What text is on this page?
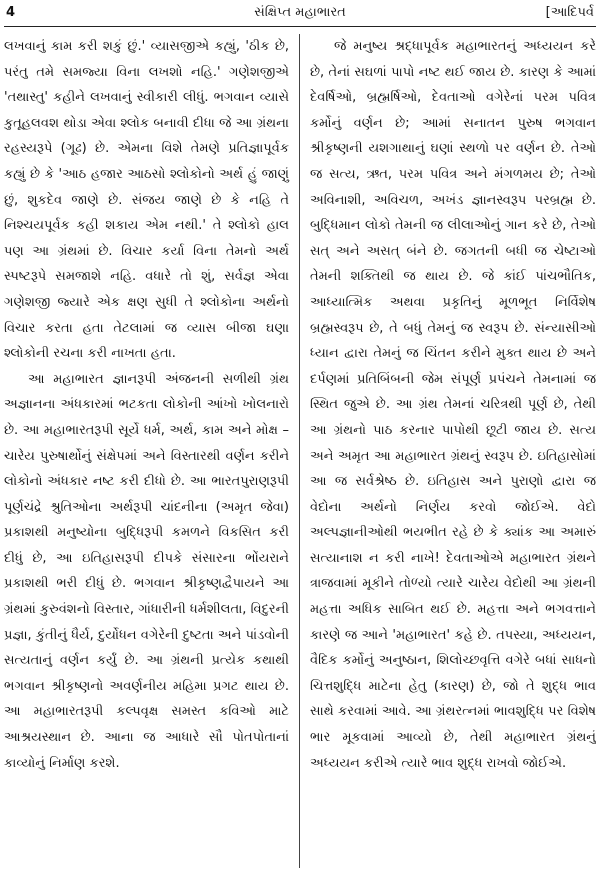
4	સંક્ષિપ્ત મહાભારત	[આદિપર્વ

લખવાનું કામ કરી શકું છું.' વ્યાસજીએ કહ્યું, 'ઠીક છે, પરંતુ તમે સમજ્યા વિના લખશો નહિ.' ગણેશજીએ 'તથાસ્તુ' કહીને લખવાનું સ્વીકારી લીધું. ભગવાન વ્યાસે કુતૂહલવશ થોડા એવા શ્લોક બનાવી દીધા જે આ ગ્રંથના રહસ્યરૂપે (ગૂઢ) છે. એમના વિશે તેમણે પ્રતિજ્ઞાપૂર્વક કહ્યું છે કે 'આઠ હજાર આઠસો શ્લોકોનો અર્થ હું જાણું છું, શુકદેવ જાણે છે. સંજય જાણે છે કે નહિ તે નિશ્ચયપૂર્વક કહી શકાય એમ નથી.' તે શ્લોકો હાલ પણ આ ગ્રંથમાં છે. વિચાર કર્યા વિના તેમનો અર્થ સ્પષ્ટરૂપે સમજાશે નહિ. વધારે તો શું, સર્વજ્ઞ એવા ગણેશજી જ્યારે એક ક્ષણ સુધી તે શ્લોકોના અર્થનો વિચાર કરતા હતા તેટલામાં જ વ્યાસ બીજા ઘણા શ્લોકોની રચના કરી નાખતા હતા.

આ મહાભારત જ્ઞાનરૂપી અંજનની સળીથી ગ્રંથ અજ્ઞાનના અંધકારમાં ભટકતા લોકોની આંખો ખોલનારો છે. આ મહાભારતરૂપી સૂર્યે ધર્મ, અર્થ, કામ અને મોક્ષ – ચારેય પુરુષાર્થોનું સંક્ષેપમાં અને વિસ્તારથી વર્ણન કરીને લોકોનો અંધકાર નષ્ટ કરી દીધો છે. આ ભારતપુરાણરૂપી પૂર્ણચંદ્રે શ્રુતિઓના અર્થરૂપી ચાંદનીના (અમૃત જેવા) પ્રકાશથી મનુષ્યોના બુદ્ધિરૂપી કમળને વિકસિત કરી દીધું છે, આ ઇતિહાસરૂપી દીપકે સંસારના ભોંયરાને પ્રકાશથી ભરી દીધું છે. ભગવાન શ્રીકૃષ્ણદ્વૈપાયને આ ગ્રંથમાં કુરુવંશનો વિસ્તાર, ગાંધારીની ધર્મશીલતા, વિદુરની પ્રજ્ઞા, કુંતીનું ધૈર્ય, દુર્યોધન વગેરેની દુષ્ટતા અને પાંડવોની સત્યતાનું વર્ણન કર્યું છે. આ ગ્રંથની પ્રત્યેક કથાથી ભગવાન શ્રીકૃષ્ણનો અવર્ણનીય મહિમા પ્રગટ થાય છે. આ મહાભારતરૂપી કલ્પવૃક્ષ સમસ્ત કવિઓ માટે આશ્રયસ્થાન છે. આના જ આધારે સૌ પોતપોતાનાં કાવ્યોનું નિર્માણ કરશે.

જે મનુષ્ય શ્રદ્ધાપૂર્વક મહાભારતનું અધ્યયન કરે છે, તેનાં સઘળાં પાપો નષ્ટ થઈ જાય છે. કારણ કે આમાં દેવર્ષિઓ, બ્રહ્મર્ષિઓ, દેવતાઓ વગેરેનાં પરમ પવિત્ર કર્મોનું વર્ણન છે; આમાં સનાતન પુરુષ ભગવાન શ્રીકૃષ્ણની યશગાથાનું ઘણાં સ્થળો પર વર્ણન છે. તેઓ જ સત્ય, ઋત, પરમ પવિત્ર અને મંગળમય છે; તેઓ અવિનાશી, અવિચળ, અખંડ જ્ઞાનસ્વરૂપ પરબ્રહ્મ છે. બુદ્ધિમાન લોકો તેમની જ લીલાઓનું ગાન કરે છે, તેઓ સત્ અને અસત્ બંને છે. જગતની બધી જ ચેષ્ટાઓ તેમની શક્તિથી જ થાય છે. જે કાંઈ પાંચભૌતિક, આધ્યાત્મિક અથવા પ્રકૃતિનું મૂળભૂત નિર્વિશેષ બ્રહ્મસ્વરૂપ છે, તે બધું તેમનું જ સ્વરૂપ છે. સંન્યાસીઓ ધ્યાન દ્વારા તેમનું જ ચિંતન કરીને મુક્ત થાય છે અને દર્પણમાં પ્રતિબિંબની જેમ સંપૂર્ણ પ્રપંચને તેમનામાં જ સ્થિત જુએ છે. આ ગ્રંથ તેમનાં ચરિત્રથી પૂર્ણ છે, તેથી આ ગ્રંથનો પાઠ કરનાર પાપોથી છૂટી જાય છે. સત્ય અને અમૃત આ મહાભારત ગ્રંથનું સ્વરૂપ છે. ઇતિહાસોમાં આ જ સર્વશ્રેષ્ઠ છે. ઇતિહાસ અને પુરાણો દ્વારા જ વેદોના અર્થનો નિર્ણય કરવો જોઈએ. વેદો અલ્પજ્ઞાનીઓથી ભયભીત રહે છે કે ક્યાંક આ અમારું સત્યાનાશ ન કરી નાખે! દેવતાઓએ મહાભારત ગ્રંથને ત્રાજવામાં મૂકીને તોળ્યો ત્યારે ચારેય વેદોથી આ ગ્રંથની મહત્તા અધિક સાબિત થઈ છે. મહત્તા અને ભગવત્તાને કારણે જ આને 'મહાભારત' કહે છે. તપસ્યા, અધ્યયન, વૈદિક કર્મોનું અનુષ્ઠાન, શિલોચ્છવૃત્તિ વગેરે બધાં સાધનો ચિત્તશુદ્ધિ માટેના હેતુ (કારણ) છે, જો તે શુદ્ધ ભાવ સાથે કરવામાં આવે. આ ગ્રંથરત્નમાં ભાવશુદ્ધિ પર વિશેષ ભાર મૂકવામાં આવ્યો છે, તેથી મહાભારત ગ્રંથનું અધ્યયન કરીએ ત્યારે ભાવ શુદ્ધ રાખવો જોઈએ.
